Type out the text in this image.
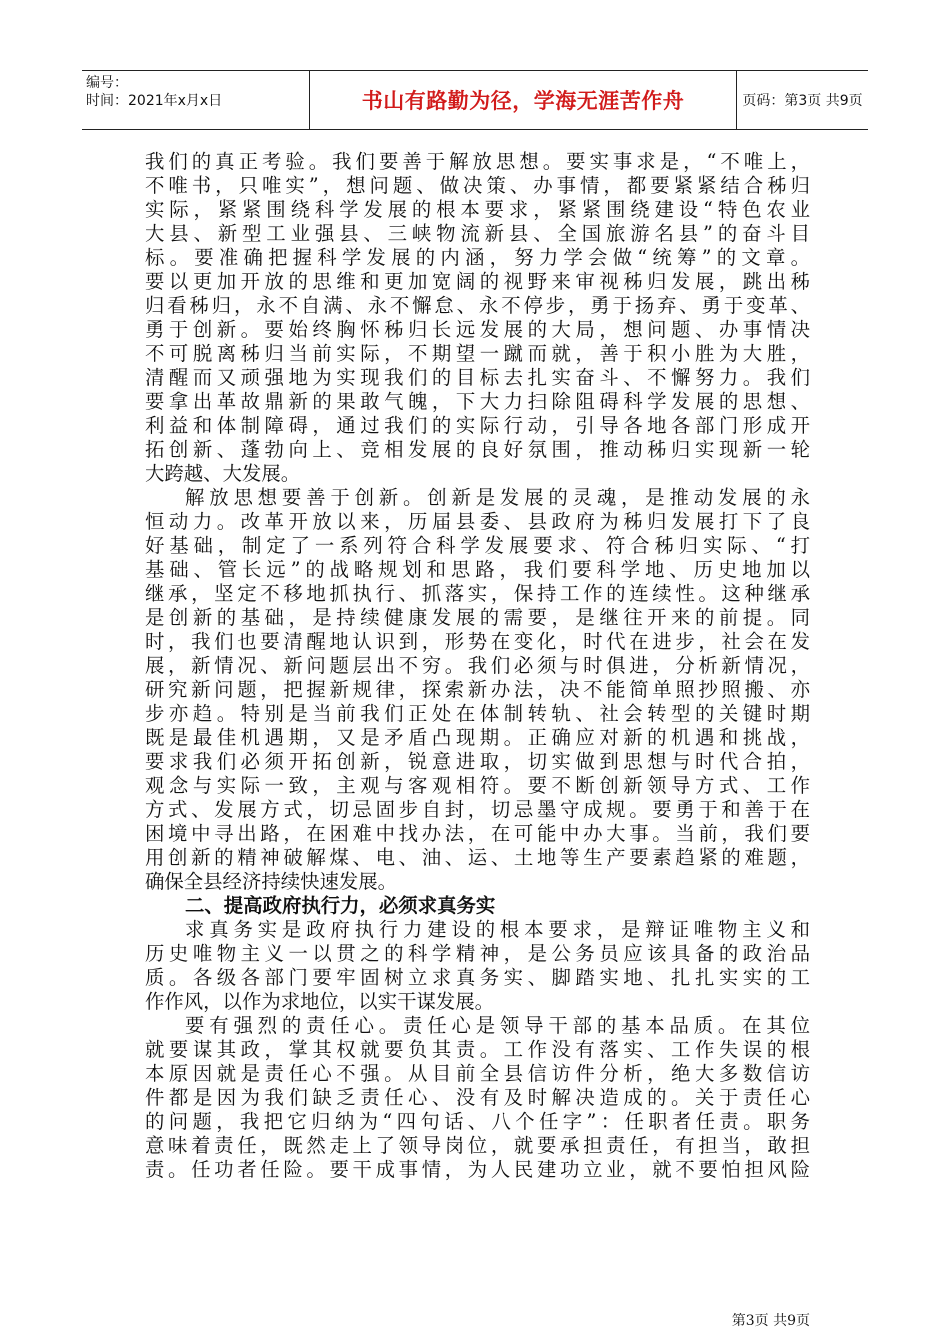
编号：
时间：2021年x月x日	书山有路勤为径，学海无涯苦作舟	页码：第3页 共9页
我们的真正考验。我们要善于解放思想。要实事求是，“不唯上，
不唯书，只唯实”，想问题、做决策、办事情，都要紧紧结合秭归
实际，紧紧围绕科学发展的根本要求，紧紧围绕建设“特色农业
大县、新型工业强县、三峡物流新县、全国旅游名县”的奋斗目
标。要准确把握科学发展的内涵，努力学会做“统筹”的文章。
要以更加开放的思维和更加宽阔的视野来审视秭归发展，跳出秭
归看秭归，永不自满、永不懈怠、永不停步，勇于扬弃、勇于变革、
勇于创新。要始终胸怀秭归长远发展的大局，想问题、办事情决
不可脱离秭归当前实际，不期望一蹴而就，善于积小胜为大胜，
清醒而又顽强地为实现我们的目标去扎实奋斗、不懈努力。我们
要拿出革故鼎新的果敢气魄，下大力扫除阻碍科学发展的思想、
利益和体制障碍，通过我们的实际行动，引导各地各部门形成开
拓创新、蓬勃向上、竞相发展的良好氛围，推动秭归实现新一轮
大跨越、大发展。
解放思想要善于创新。创新是发展的灵魂，是推动发展的永
恒动力。改革开放以来，历届县委、县政府为秭归发展打下了良
好基础，制定了一系列符合科学发展要求、符合秭归实际、“打
基础、管长远”的战略规划和思路，我们要科学地、历史地加以
继承，坚定不移地抓执行、抓落实，保持工作的连续性。这种继承
是创新的基础，是持续健康发展的需要，是继往开来的前提。同
时，我们也要清醒地认识到，形势在变化，时代在进步，社会在发
展，新情况、新问题层出不穷。我们必须与时俱进，分析新情况，
研究新问题，把握新规律，探索新办法，决不能简单照抄照搬、亦
步亦趋。特别是当前我们正处在体制转轨、社会转型的关键时期
既是最佳机遇期，又是矛盾凸现期。正确应对新的机遇和挑战，
要求我们必须开拓创新，锐意进取，切实做到思想与时代合拍，
观念与实际一致，主观与客观相符。要不断创新领导方式、工作
方式、发展方式，切忌固步自封，切忌墨守成规。要勇于和善于在
困境中寻出路，在困难中找办法，在可能中办大事。当前，我们要
用创新的精神破解煤、电、油、运、土地等生产要素趋紧的难题，
确保全县经济持续快速发展。
二、提高政府执行力，必须求真务实
求真务实是政府执行力建设的根本要求，是辩证唯物主义和
历史唯物主义一以贯之的科学精神，是公务员应该具备的政治品
质。各级各部门要牢固树立求真务实、脚踏实地、扎扎实实的工
作作风，以作为求地位，以实干谋发展。
要有强烈的责任心。责任心是领导干部的基本品质。在其位
就要谋其政，掌其权就要负其责。工作没有落实、工作失误的根
本原因就是责任心不强。从目前全县信访件分析，绝大多数信访
件都是因为我们缺乏责任心、没有及时解决造成的。关于责任心
的问题，我把它归纳为“四句话、八个任字”：任职者任责。职务
意味着责任，既然走上了领导岗位，就要承担责任，有担当，敢担
责。任功者任险。要干成事情，为人民建功立业，就不要怕担风险
第3页 共9页
